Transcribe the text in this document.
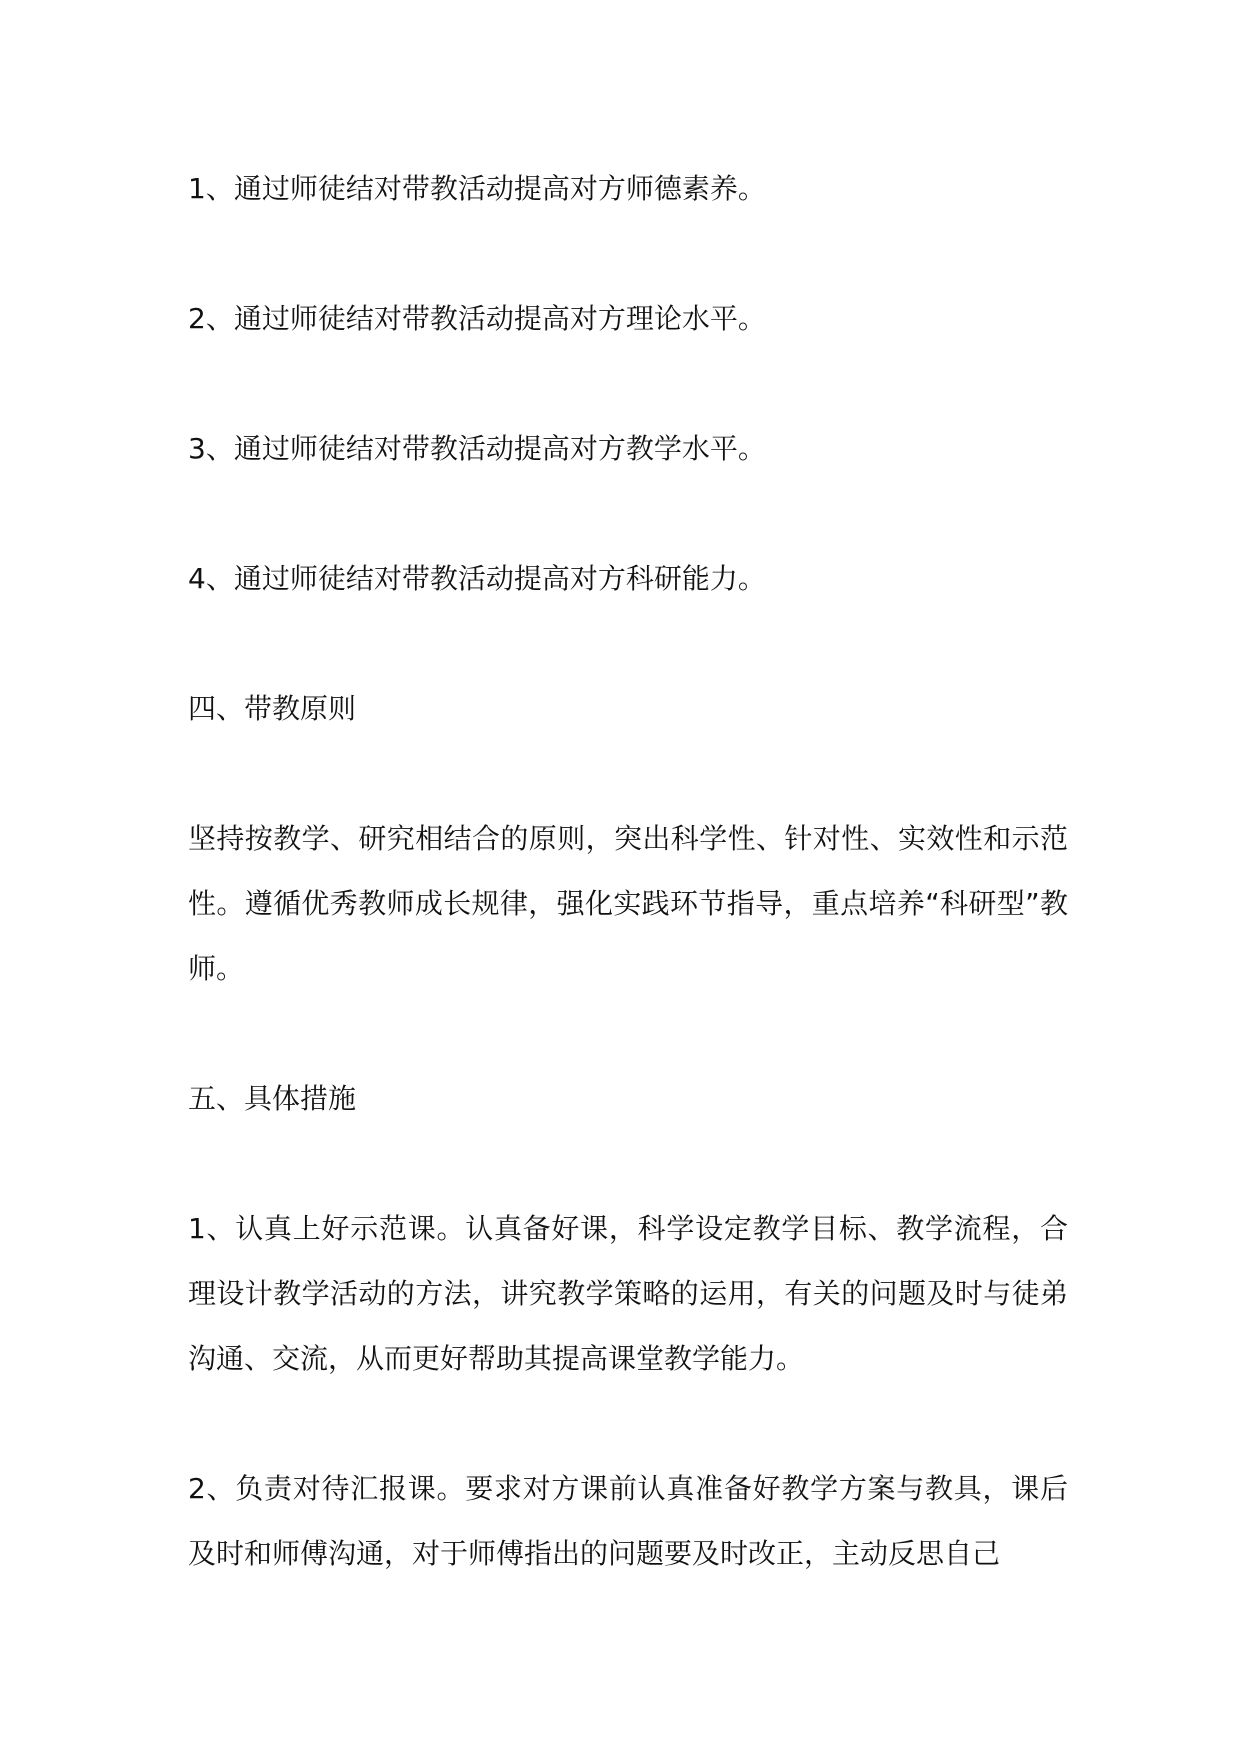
1、通过师徒结对带教活动提高对方师德素养。

2、通过师徒结对带教活动提高对方理论水平。

3、通过师徒结对带教活动提高对方教学水平。

4、通过师徒结对带教活动提高对方科研能力。

四、带教原则

坚持按教学、研究相结合的原则，突出科学性、针对性、实效性和示范性。遵循优秀教师成长规律，强化实践环节指导，重点培养“科研型”教师。

五、具体措施

1、认真上好示范课。认真备好课，科学设定教学目标、教学流程，合理设计教学活动的方法，讲究教学策略的运用，有关的问题及时与徒弟沟通、交流，从而更好帮助其提高课堂教学能力。

2、负责对待汇报课。要求对方课前认真准备好教学方案与教具，课后及时和师傅沟通，对于师傅指出的问题要及时改正，主动反思自己
